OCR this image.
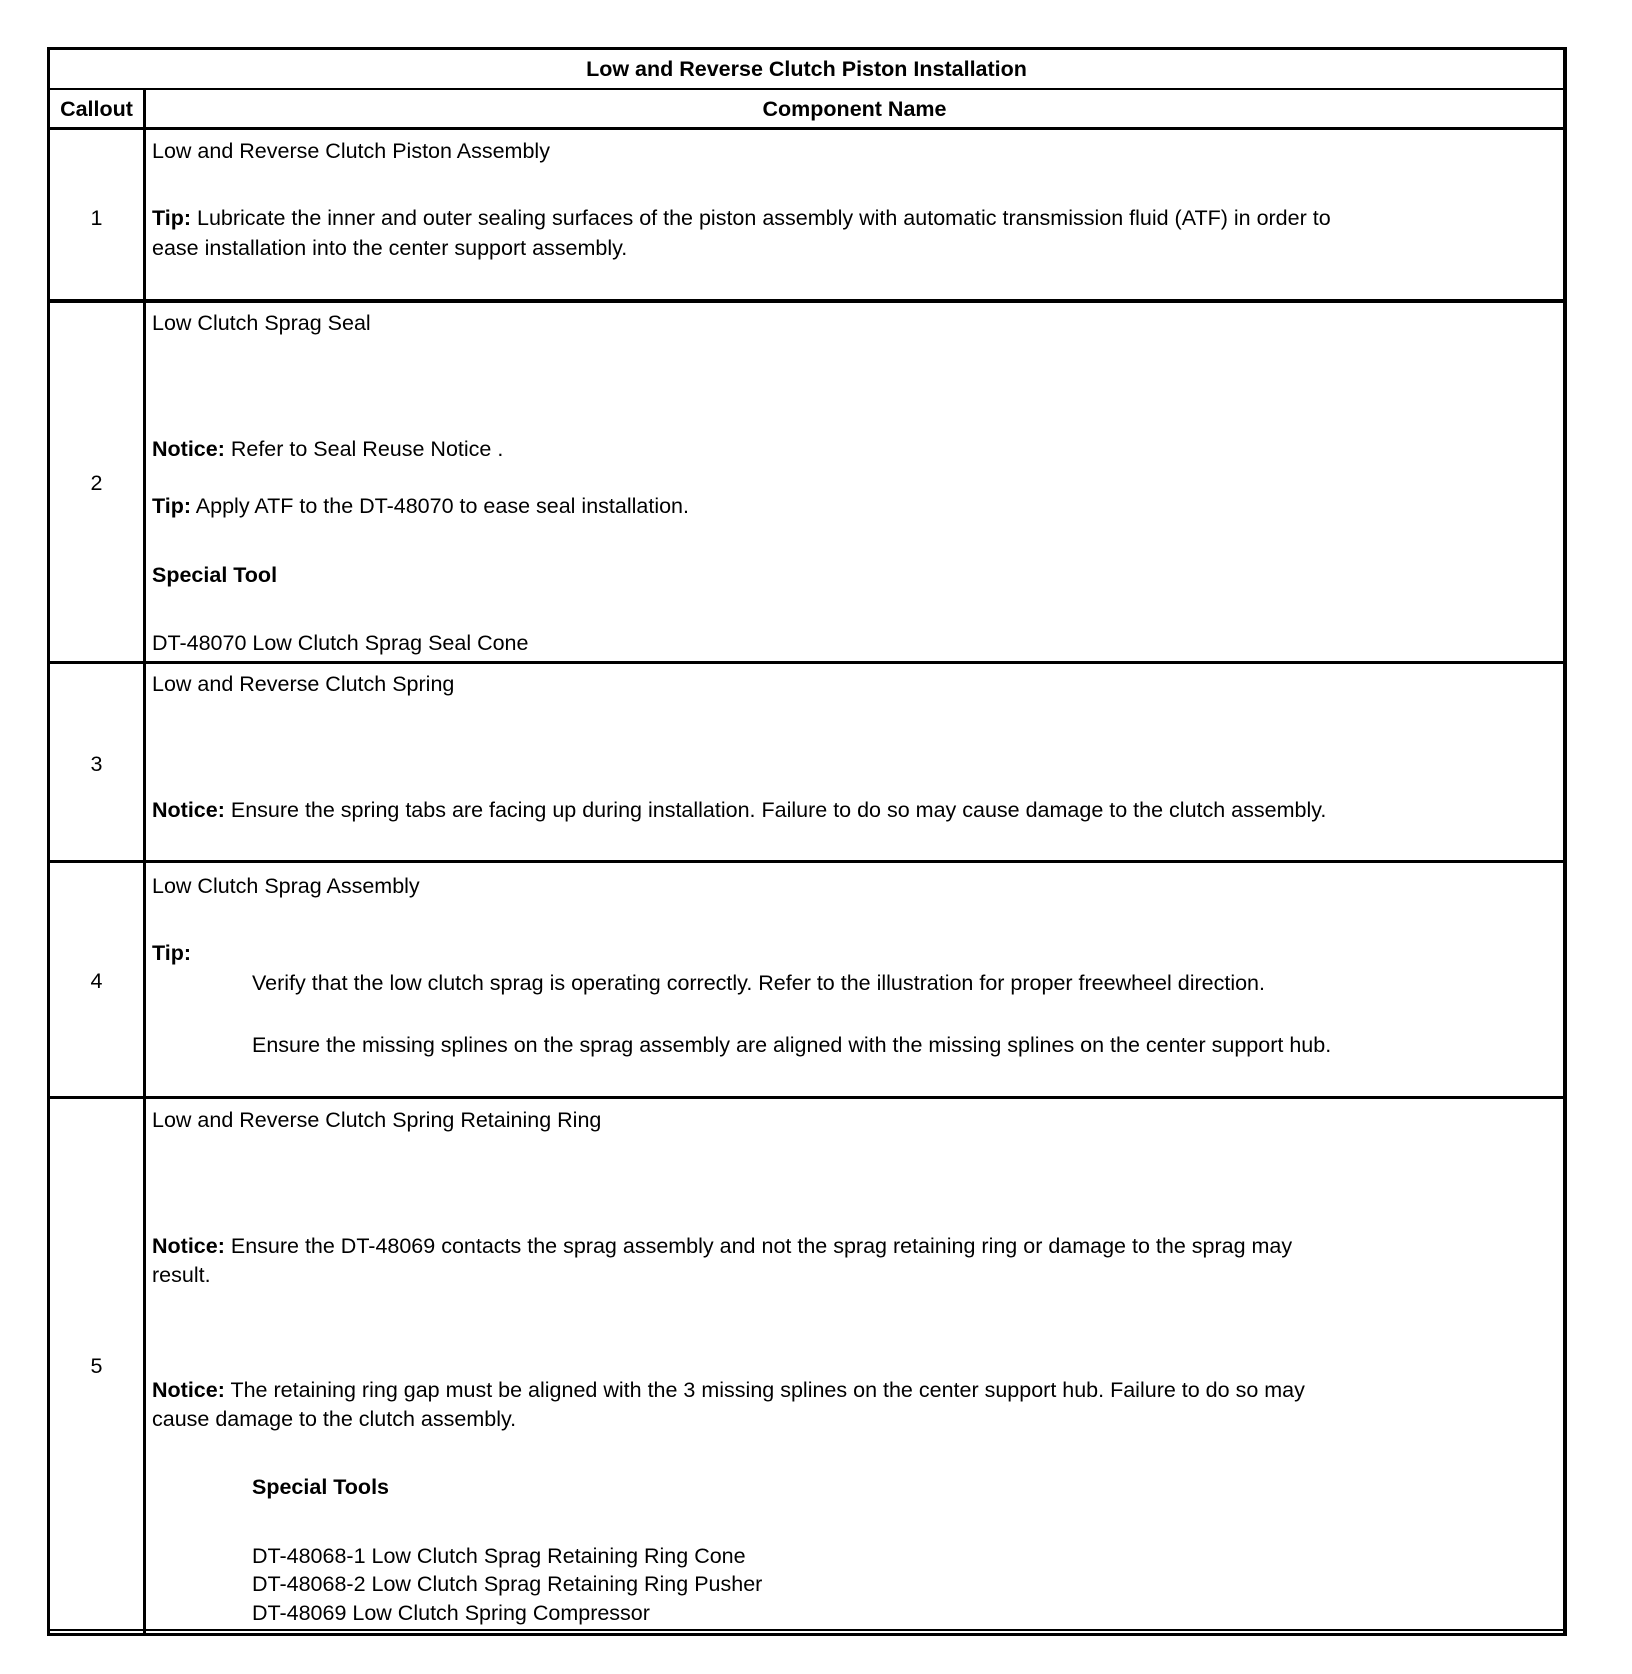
Low and Reverse Clutch Piston Installation
Callout	Component Name
1
Low and Reverse Clutch Piston Assembly
Tip: Lubricate the inner and outer sealing surfaces of the piston assembly with automatic transmission fluid (ATF) in order to
ease installation into the center support assembly.
2
Low Clutch Sprag Seal
Notice: Refer to Seal Reuse Notice .
Tip: Apply ATF to the DT-48070 to ease seal installation.
Special Tool
DT-48070 Low Clutch Sprag Seal Cone
3
Low and Reverse Clutch Spring
Notice: Ensure the spring tabs are facing up during installation. Failure to do so may cause damage to the clutch assembly.
4
Low Clutch Sprag Assembly
Tip:
Verify that the low clutch sprag is operating correctly. Refer to the illustration for proper freewheel direction.
Ensure the missing splines on the sprag assembly are aligned with the missing splines on the center support hub.
5
Low and Reverse Clutch Spring Retaining Ring
Notice: Ensure the DT-48069 contacts the sprag assembly and not the sprag retaining ring or damage to the sprag may
result.
Notice: The retaining ring gap must be aligned with the 3 missing splines on the center support hub. Failure to do so may
cause damage to the clutch assembly.
Special Tools
DT-48068-1 Low Clutch Sprag Retaining Ring Cone
DT-48068-2 Low Clutch Sprag Retaining Ring Pusher
DT-48069 Low Clutch Spring Compressor
